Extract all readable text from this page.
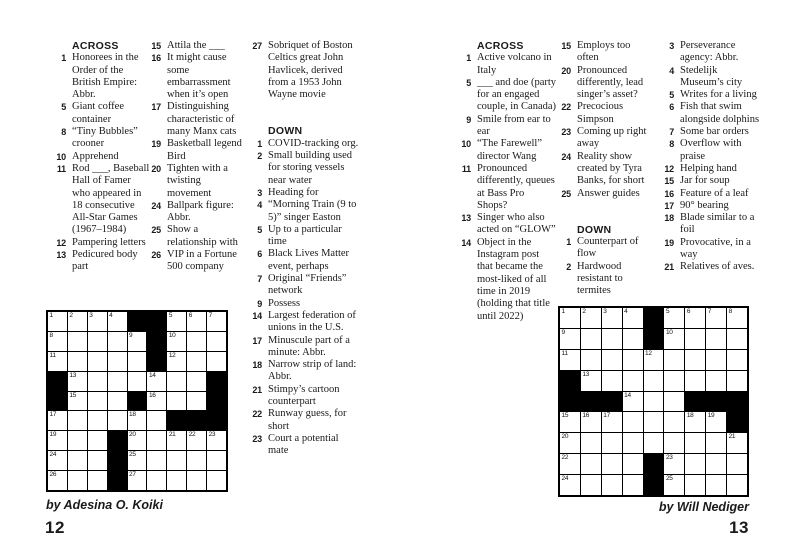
ACROSS
1 Honorees in the Order of the British Empire: Abbr.
5 Giant coffee container
8 “Tiny Bubbles” crooner
10 Apprehend
11 Rod ___, Baseball Hall of Famer who appeared in 18 consecutive All-Star Games (1967–1984)
12 Pampering letters
13 Pedicured body part
15 Attila the ___
16 It might cause some embarrassment when it’s open
17 Distinguishing characteristic of many Manx cats
19 Basketball legend Bird
20 Tighten with a twisting movement
24 Ballpark figure: Abbr.
25 Show a relationship with
26 VIP in a Fortune 500 company
27 Sobriquet of Boston Celtics great John Havlicek, derived from a 1953 John Wayne movie
DOWN
1 COVID-tracking org.
2 Small building used for storing vessels near water
3 Heading for
4 “Morning Train (9 to 5)” singer Easton
5 Up to a particular time
6 Black Lives Matter event, perhaps
7 Original “Friends” network
9 Possess
14 Largest federation of unions in the U.S.
17 Minuscule part of a minute: Abbr.
18 Narrow strip of land: Abbr.
21 Stimpy’s cartoon counterpart
22 Runway guess, for short
23 Court a potential mate
1	2	3	4	5	6	7
8	9	10
11	12
13	14
15	16
17	18
19	20	21 22 23
24	25
26	27
by Adesina O. Koiki
12
ACROSS
1 Active volcano in Italy
5 ___ and doe (party for an engaged couple, in Canada)
9 Smile from ear to ear
10 “The Farewell” director Wang
11 Pronounced differently, queues at Bass Pro Shops?
13 Singer who also acted on “GLOW”
14 Object in the Instagram post that became the most-liked of all time in 2019 (holding that title until 2022)
15 Employs too often
20 Pronounced differently, lead singer’s asset?
22 Precocious Simpson
23 Coming up right away
24 Reality show created by Tyra Banks, for short
25 Answer guides
DOWN
1 Counterpart of flow
2 Hardwood resistant to termites
3 Perseverance agency: Abbr.
4 Stedelijk Museum’s city
5 Writes for a living
6 Fish that swim alongside dolphins
7 Some bar orders
8 Overflow with praise
12 Helping hand
15 Jar for soup
16 Feature of a leaf
17 90° bearing
18 Blade similar to a foil
19 Provocative, in a way
21 Relatives of aves.
1	2	3	4	5	6	7	8
9	10
11	12
13
14
15 16 17	18 19
20	21
22	23
24	25
by Will Nediger
13
